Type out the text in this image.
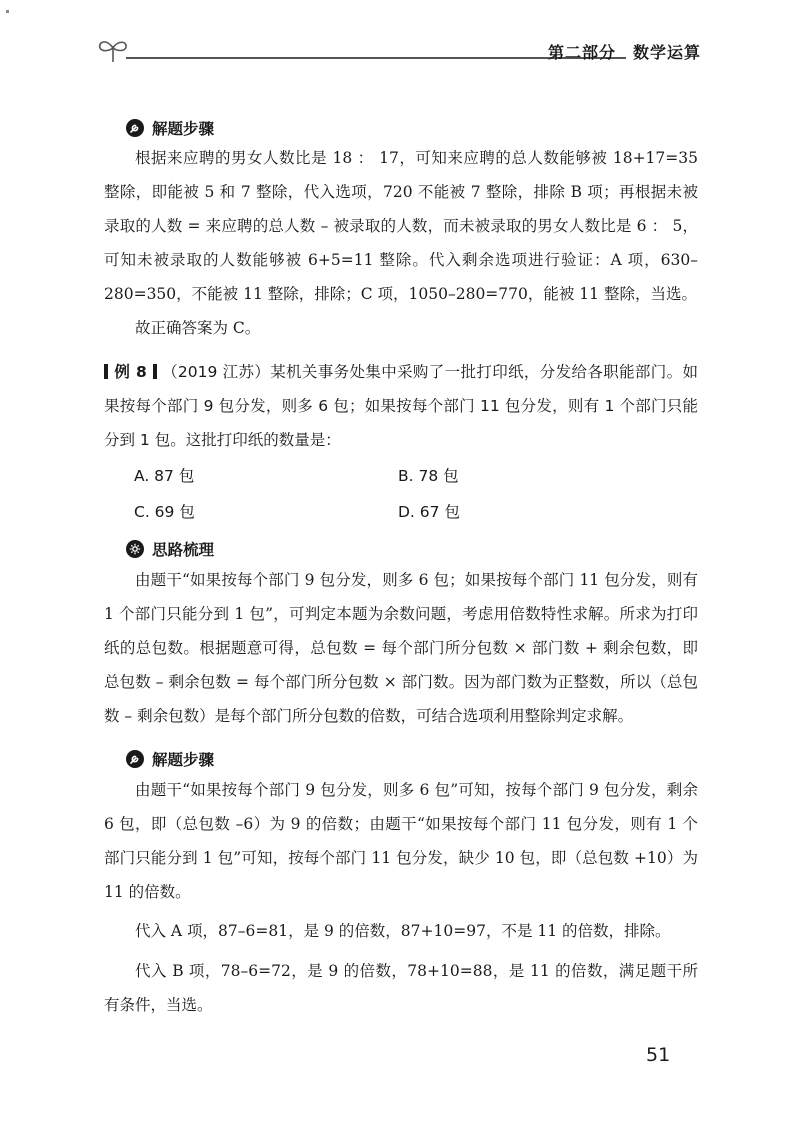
第二部分　数学运算
解题步骤

根据来应聘的男女人数比是 18 ： 17，可知来应聘的总人数能够被 18+17=35 整除，即能被 5 和 7 整除，代入选项，720 不能被 7 整除，排除 B 项；再根据未被录取的人数 = 来应聘的总人数 – 被录取的人数，而未被录取的男女人数比是 6 ： 5，可知未被录取的人数能够被 6+5=11 整除。代入剩余选项进行验证：A 项，630–280=350，不能被 11 整除，排除；C 项，1050–280=770，能被 11 整除，当选。

故正确答案为 C。

例 8 （2019 江苏）某机关事务处集中采购了一批打印纸，分发给各职能部门。如果按每个部门 9 包分发，则多 6 包；如果按每个部门 11 包分发，则有 1 个部门只能分到 1 包。这批打印纸的数量是：

A. 87 包	B. 78 包
C. 69 包	D. 67 包
思路梳理

由题干“如果按每个部门 9 包分发，则多 6 包；如果按每个部门 11 包分发，则有 1 个部门只能分到 1 包”，可判定本题为余数问题，考虑用倍数特性求解。所求为打印纸的总包数。根据题意可得，总包数 = 每个部门所分包数 × 部门数 + 剩余包数，即总包数 – 剩余包数 = 每个部门所分包数 × 部门数。因为部门数为正整数，所以（总包数 – 剩余包数）是每个部门所分包数的倍数，可结合选项利用整除判定求解。

解题步骤

由题干“如果按每个部门 9 包分发，则多 6 包”可知，按每个部门 9 包分发，剩余 6 包，即（总包数 –6）为 9 的倍数；由题干“如果按每个部门 11 包分发，则有 1 个部门只能分到 1 包”可知，按每个部门 11 包分发，缺少 10 包，即（总包数 +10）为 11 的倍数。

代入 A 项，87–6=81，是 9 的倍数，87+10=97，不是 11 的倍数，排除。

代入 B 项，78–6=72，是 9 的倍数，78+10=88，是 11 的倍数，满足题干所有条件，当选。

51
